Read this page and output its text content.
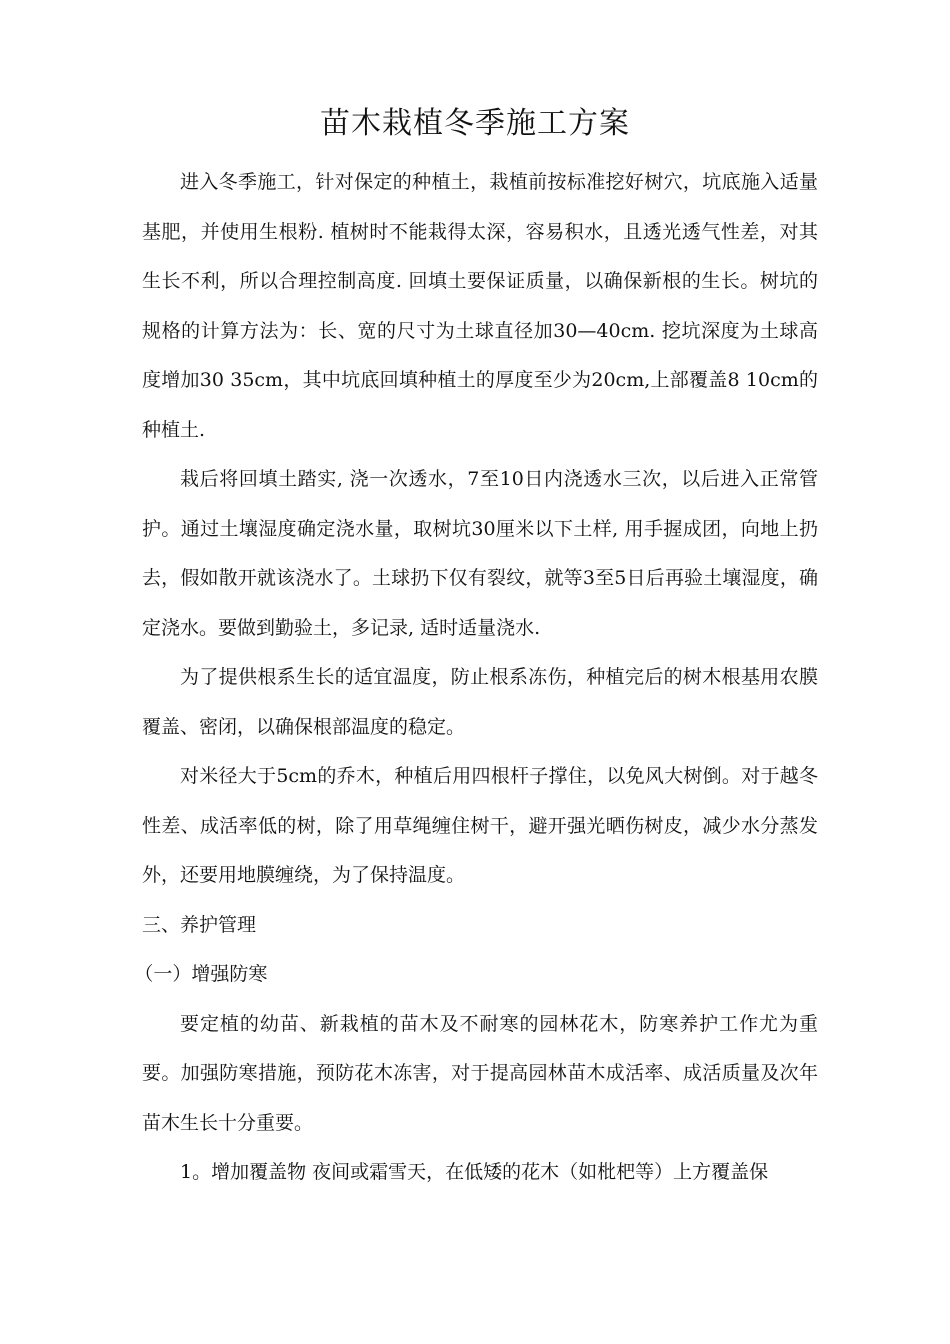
苗木栽植冬季施工方案

进入冬季施工，针对保定的种植土，栽植前按标准挖好树穴，坑底施入适量基肥，并使用生根粉. 植树时不能栽得太深，容易积水，且透光透气性差，对其生长不利，所以合理控制高度. 回填土要保证质量，以确保新根的生长。树坑的规格的计算方法为：长、宽的尺寸为土球直径加30—40cm. 挖坑深度为土球高度增加30 35cm，其中坑底回填种植土的厚度至少为20cm,上部覆盖8 10cm的种植土.

栽后将回填土踏实, 浇一次透水，7至10日内浇透水三次，以后进入正常管护。通过土壤湿度确定浇水量，取树坑30厘米以下土样, 用手握成团，向地上扔去，假如散开就该浇水了。土球扔下仅有裂纹，就等3至5日后再验土壤湿度，确定浇水。要做到勤验土，多记录, 适时适量浇水.

为了提供根系生长的适宜温度，防止根系冻伤，种植完后的树木根基用农膜覆盖、密闭，以确保根部温度的稳定。

对米径大于5cm的乔木，种植后用四根杆子撑住，以免风大树倒。对于越冬性差、成活率低的树，除了用草绳缠住树干，避开强光晒伤树皮，减少水分蒸发外，还要用地膜缠绕，为了保持温度。

三、养护管理

（一）增强防寒

要定植的幼苗、新栽植的苗木及不耐寒的园林花木，防寒养护工作尤为重要。加强防寒措施，预防花木冻害，对于提高园林苗木成活率、成活质量及次年苗木生长十分重要。

1。增加覆盖物 夜间或霜雪天，在低矮的花木（如枇杷等）上方覆盖保
